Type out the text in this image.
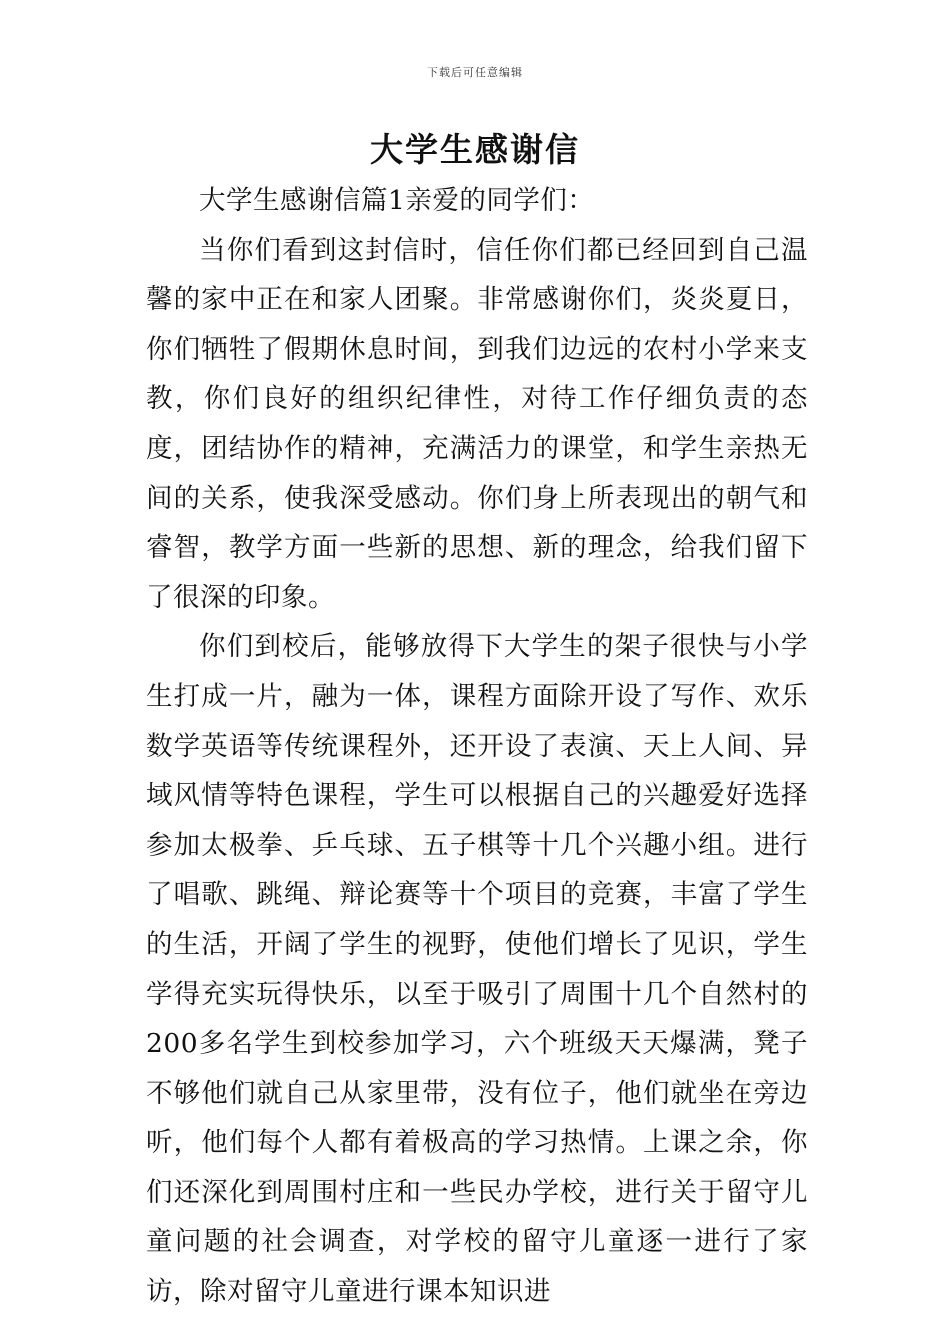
下载后可任意编辑
大学生感谢信

大学生感谢信篇1亲爱的同学们：

当你们看到这封信时，信任你们都已经回到自己温馨的家中正在和家人团聚。非常感谢你们，炎炎夏日，你们牺牲了假期休息时间，到我们边远的农村小学来支教，你们良好的组织纪律性，对待工作仔细负责的态度，团结协作的精神，充满活力的课堂，和学生亲热无间的关系，使我深受感动。你们身上所表现出的朝气和睿智，教学方面一些新的思想、新的理念，给我们留下了很深的印象。

你们到校后，能够放得下大学生的架子很快与小学生打成一片，融为一体，课程方面除开设了写作、欢乐数学英语等传统课程外，还开设了表演、天上人间、异域风情等特色课程，学生可以根据自己的兴趣爱好选择参加太极拳、乒乓球、五子棋等十几个兴趣小组。进行了唱歌、跳绳、辩论赛等十个项目的竞赛，丰富了学生的生活，开阔了学生的视野，使他们增长了见识，学生学得充实玩得快乐，以至于吸引了周围十几个自然村的200多名学生到校参加学习，六个班级天天爆满，凳子不够他们就自己从家里带，没有位子，他们就坐在旁边听，他们每个人都有着极高的学习热情。上课之余，你们还深化到周围村庄和一些民办学校，进行关于留守儿童问题的社会调查，对学校的留守儿童逐一进行了家访，除对留守儿童进行课本知识进
